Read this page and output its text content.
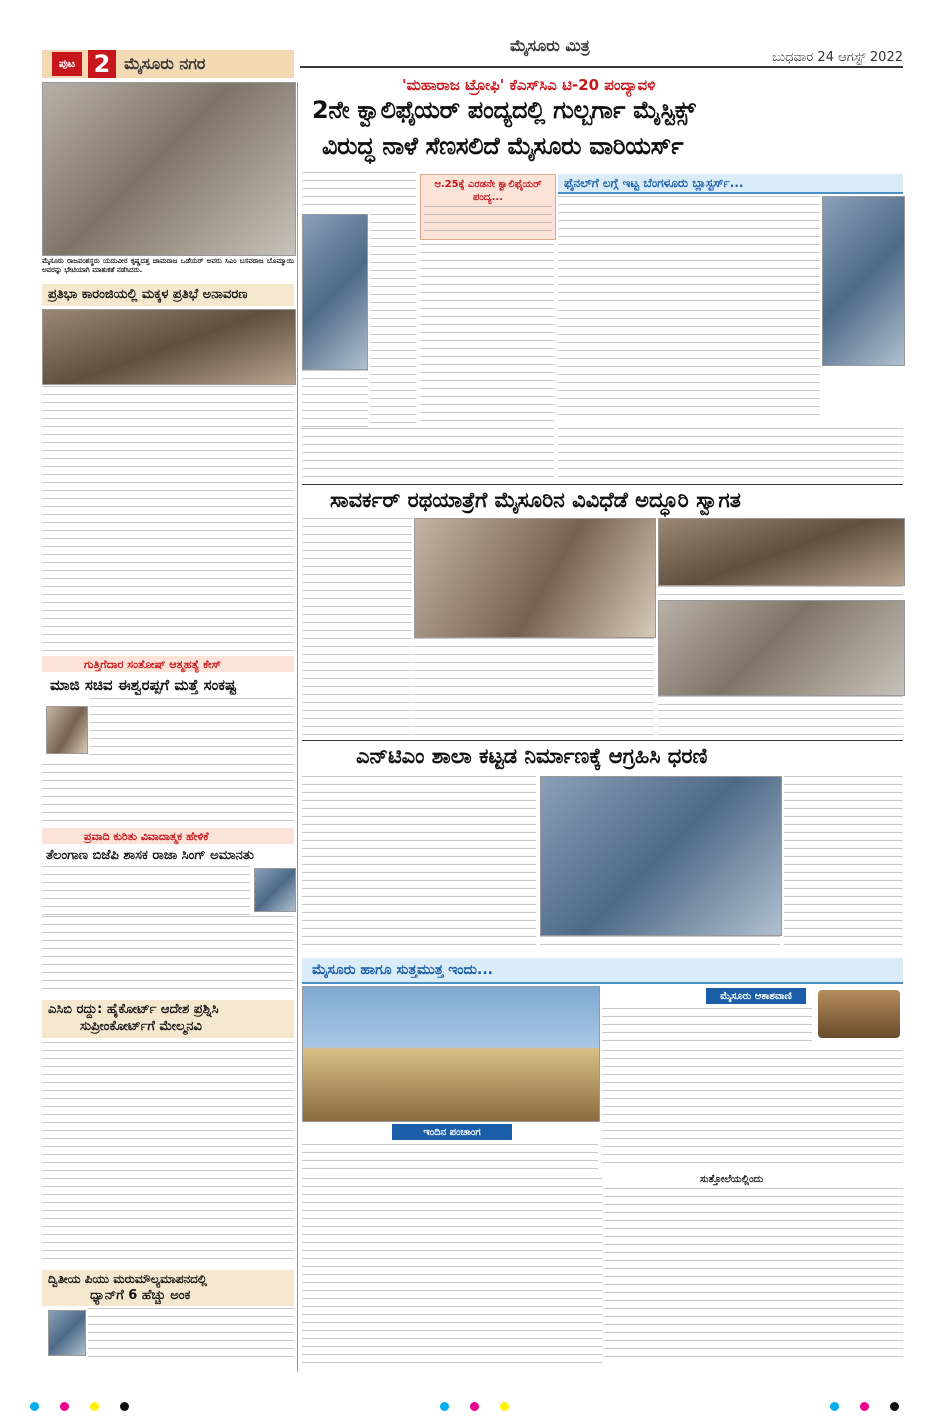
ಪುಟ 2 ಮೈಸೂರು ನಗರ
ಮೈಸೂರು ಮಿತ್ರ
ಬುಧವಾರ 24 ಆಗಸ್ಟ್ 2022
ಮೈಸೂರು ರಾಜವಂಶಸ್ಥರು ಯದುವೀರ ಕೃಷ್ಣದತ್ತ ಚಾಮರಾಜ ಒಡೆಯರ್ ಅವರು ಸಿಎಂ ಬಸವರಾಜ ಬೊಮ್ಮಾಯಿ ಅವರನ್ನು ಭೇಟಿಯಾಗಿ ಮಾತುಕತೆ ನಡೆಸಿದರು.
ಪ್ರತಿಭಾ ಕಾರಂಜಿಯಲ್ಲಿ ಮಕ್ಕಳ ಪ್ರತಿಭೆ ಅನಾವರಣ
ಗುತ್ತಿಗೆದಾರ ಸಂತೋಷ್ ಆತ್ಮಹತ್ಯೆ ಕೇಸ್
ಮಾಜಿ ಸಚಿವ ಈಶ್ವರಪ್ಪಗೆ ಮತ್ತೆ ಸಂಕಷ್ಟ
ಪ್ರವಾದಿ ಕುರಿತು ವಿವಾದಾತ್ಮಕ ಹೇಳಿಕೆ
ತೆಲಂಗಾಣ ಬಿಜೆಪಿ ಶಾಸಕ ರಾಜಾ ಸಿಂಗ್ ಅಮಾನತು
ಎಸಿಬಿ ರದ್ದು: ಹೈಕೋರ್ಟ್ ಆದೇಶ ಪ್ರಶ್ನಿಸಿ
ಸುಪ್ರೀಂಕೋರ್ಟ್‌ಗೆ ಮೇಲ್ಮನವಿ
ದ್ವಿತೀಯ ಪಿಯು ಮರುಮೌಲ್ಯಮಾಪನದಲ್ಲಿ
ಧ್ಯಾನ್‌ಗೆ 6 ಹೆಚ್ಚು ಅಂಕ
'ಮಹಾರಾಜ ಟ್ರೋಫಿ' ಕೆಎಸ್‌ಸಿಎ ಟಿ-20 ಪಂದ್ಯಾವಳಿ
2ನೇ ಕ್ವಾಲಿಫೈಯರ್ ಪಂದ್ಯದಲ್ಲಿ ಗುಲ್ಬರ್ಗಾ ಮೈಸ್ಟಿಕ್ಸ್
ವಿರುದ್ಧ ನಾಳೆ ಸೆಣಸಲಿದೆ ಮೈಸೂರು ವಾರಿಯರ್ಸ್
ಆ.25ಕ್ಕೆ ಎರಡನೇ ಕ್ವಾಲಿಫೈಯರ್ ಪಂದ್ಯ...
ಫೈನಲ್‌ಗೆ ಲಗ್ಗೆ ಇಟ್ಟ ಬೆಂಗಳೂರು ಬ್ಲಾಸ್ಟರ್ಸ್...
ಸಾವರ್ಕರ್ ರಥಯಾತ್ರೆಗೆ ಮೈಸೂರಿನ ವಿವಿಧೆಡೆ ಅದ್ಧೂರಿ ಸ್ವಾಗತ
ಎನ್‌ಟಿಎಂ ಶಾಲಾ ಕಟ್ಟಡ ನಿರ್ಮಾಣಕ್ಕೆ ಆಗ್ರಹಿಸಿ ಧರಣಿ
ಮೈಸೂರು ಹಾಗೂ ಸುತ್ತಮುತ್ತ ಇಂದು...
ಇಂದಿನ ಪಂಚಾಂಗ
ಮೈಸೂರು ಆಕಾಶವಾಣಿ
ಸುತ್ತೋಲೆಯಲ್ಲಿಂದು
